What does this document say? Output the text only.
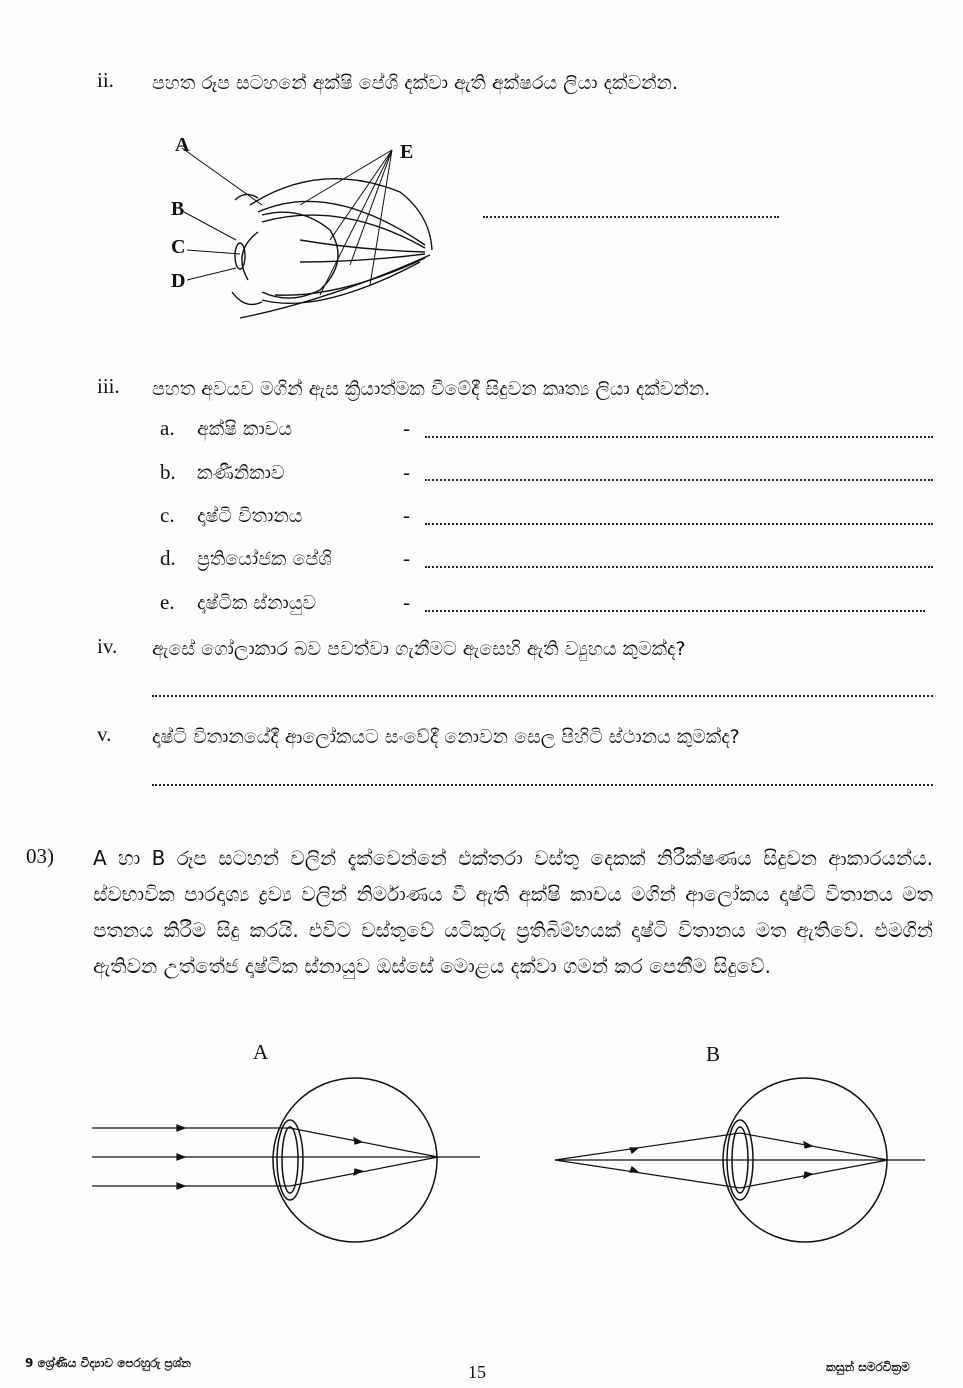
ii. පහත රූප සටහනේ අක්ෂි පේශි දක්වා ඇති අක්ෂරය ලියා දක්වන්න.
A
B
C
D
E
iii. පහත අවයව මගින් ඇස ක්‍රියාත්මක වීමේදී සිදුවන කෘත්‍ය ලියා දක්වන්න.
a. අක්ෂි කාචය	-
b. කණීනිකාව	-
c. දෘෂ්ටි විතානය	-
d. ප්‍රතියෝජක පේශි	-
e. දෘෂ්ටික ස්නායුව	-
iv. ඇසේ ගෝලාකාර බව පවත්වා ගැනීමට ඇසෙහි ඇති ව්‍යුහය කුමක්ද?
v. දෘෂ්ටි විතානයේදී ආලෝකයට සංවේදී නොවන සෙල පිහිටි ස්ථානය කුමක්ද?
03) A හා B රූප සටහන් වලින් දැක්වෙන්නේ එක්තරා වස්තු දෙකක් නිරීක්ෂණය සිදුවන ආකාරයන්ය. ස්වභාවික පාරදෘශ්‍ය ද්‍රව්‍ය වලින් නිර්මාණය වී ඇති අක්ෂි කාචය මගින් ආලෝකය දෘෂ්ටි විතානය මත පතනය කිරීම සිදු කරයි. එවිට වස්තුවේ යටිකුරු ප්‍රතිබිම්භයක් දෘෂ්ටි විතානය මත ඇතිවේ. එමගින් ඇතිවන උත්තේජ දෘෂ්ටික ස්නායුව ඔස්සේ මොළය දක්වා ගමන් කර පෙනීම සිදුවේ.
A	B
9 ශ්‍රේණිය විද්‍යාව පෙරහුරු ප්‍රශ්න	15	කසුන් සමරවික්‍රම
